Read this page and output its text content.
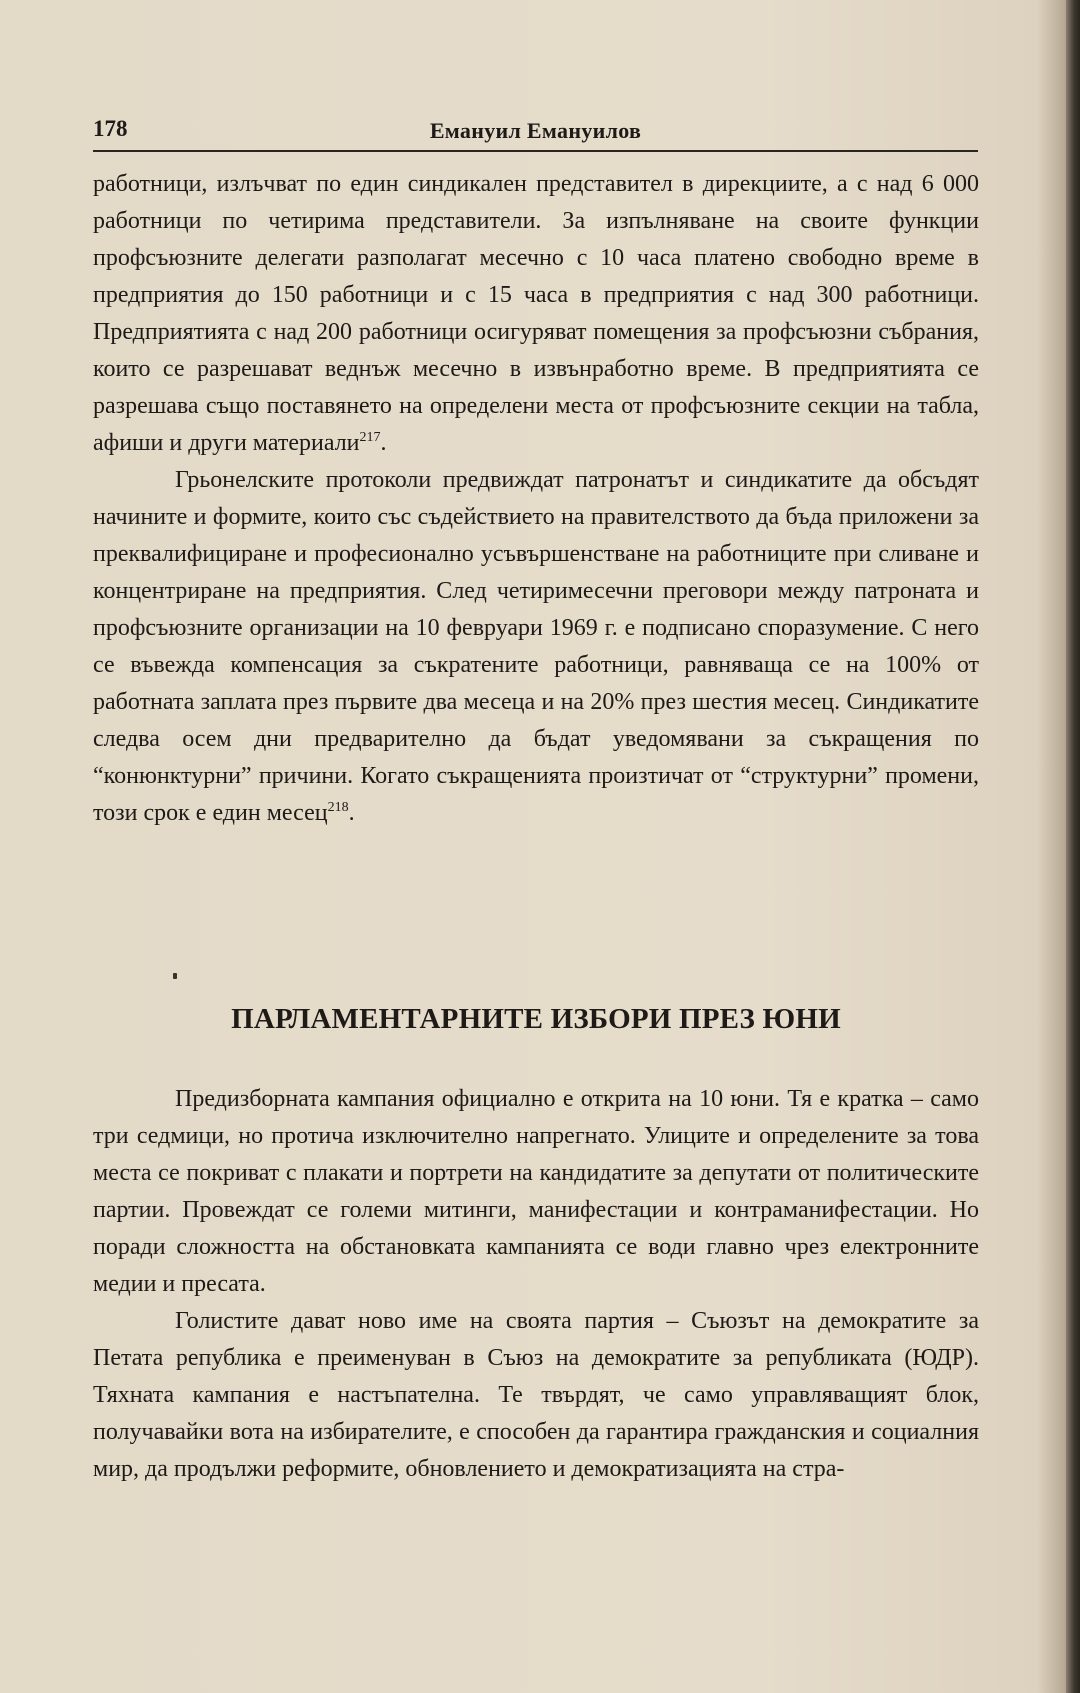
178	Емануил Емануилов

работници, излъчват по един синдикален представител в дирекциите, а с над 6 000 работници по четирима представители. За изпълняване на своите функции профсъюзните делегати разполагат месечно с 10 часа платено свободно време в предприятия до 150 работници и с 15 часа в предприятия с над 300 работници. Предприятията с над 200 работници осигуряват помещения за профсъюзни събрания, които се разрешават веднъж месечно в извънработно време. В предприятията се разрешава също поставянето на определени места от профсъюзните секции на табла, афиши и други материали$^{217}$.

Грьонелските протоколи предвиждат патронатът и синдикатите да обсъдят начините и формите, които със съдействието на правителството да бъда приложени за преквалифициране и професионално усъвършенстване на работниците при сливане и концентриране на предприятия. След четиримесечни преговори между патроната и профсъюзните организации на 10 февруари 1969 г. е подписано споразумение. С него се въвежда компенсация за съкратените работници, равняваща се на 100% от работната заплата през първите два месеца и на 20% през шестия месец. Синдикатите следва осем дни предварително да бъдат уведомявани за съкращения по “конюнктурни” причини. Когато съкращенията произтичат от “структурни” промени, този срок е един месец$^{218}$.

ПАРЛАМЕНТАРНИТЕ ИЗБОРИ ПРЕЗ ЮНИ

Предизборната кампания официално е открита на 10 юни. Тя е кратка – само три седмици, но протича изключително напрегнато. Улиците и определените за това места се покриват с плакати и портрети на кандидатите за депутати от политическите партии. Провеждат се големи митинги, манифестации и контраманифестации. Но поради сложността на обстановката кампанията се води главно чрез електронните медии и пресата.

Голистите дават ново име на своята партия – Съюзът на демократите за Петата република е преименуван в Съюз на демократите за републиката (ЮДР). Тяхната кампания е настъпателна. Те твърдят, че само управляващият блок, получавайки вота на избирателите, е способен да гарантира гражданския и социалния мир, да продължи реформите, обновлението и демократизацията на стра-
